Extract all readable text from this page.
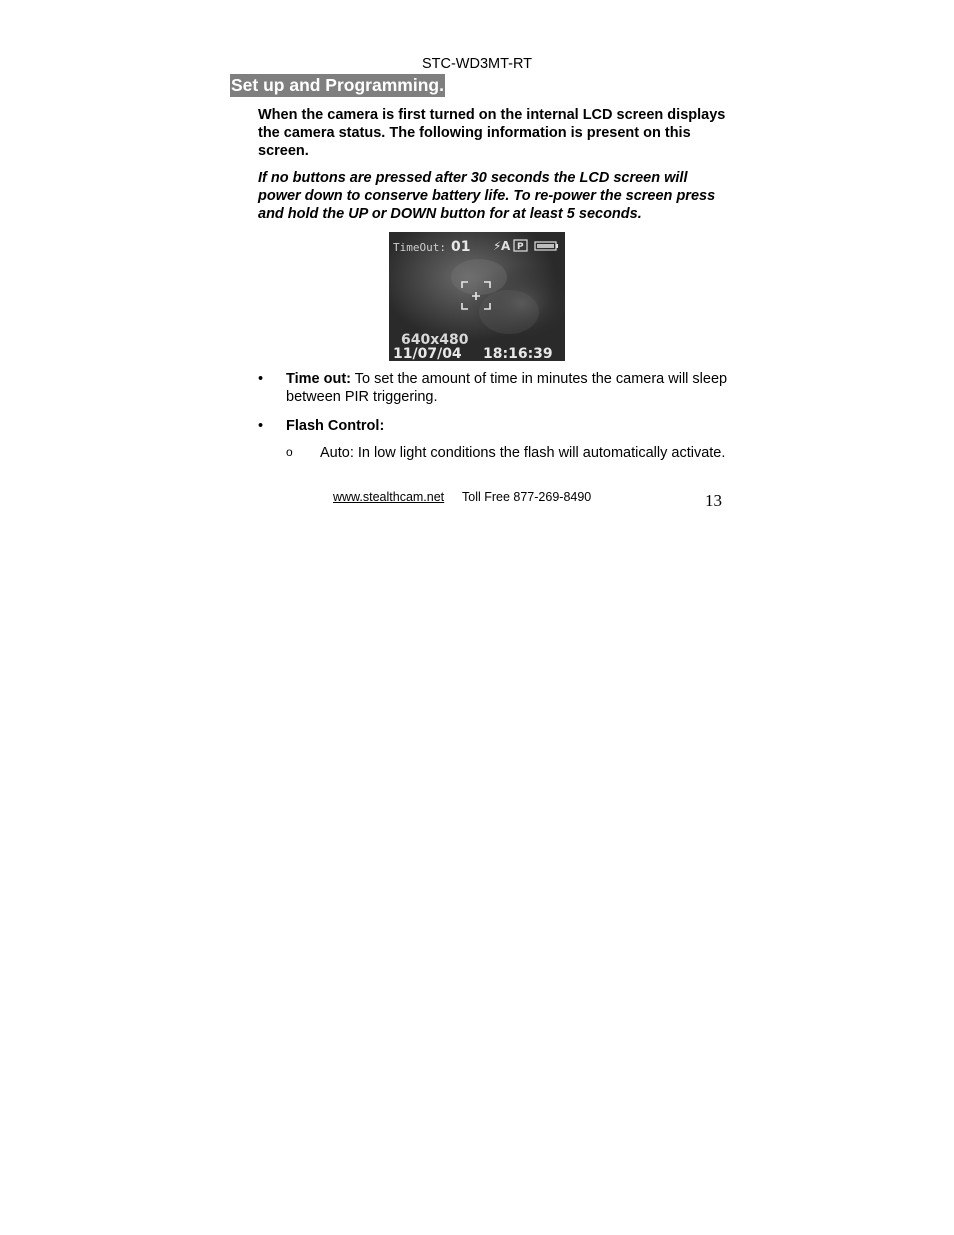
STC-WD3MT-RT
Set up and Programming.
When the camera is first turned on the internal LCD screen displays the camera status. The following information is present on this screen.
If no buttons are pressed after 30 seconds the LCD screen will power down to conserve battery life. To re-power the screen press and hold the UP or DOWN button for at least 5 seconds.
TimeOut: 01 ⚡ A P
640x480
11/07/04 18:16:39
• Time out: To set the amount of time in minutes the camera will sleep between PIR triggering.
• Flash Control:
o Auto: In low light conditions the flash will automatically activate.
www.stealthcam.net Toll Free 877-269-8490	13
